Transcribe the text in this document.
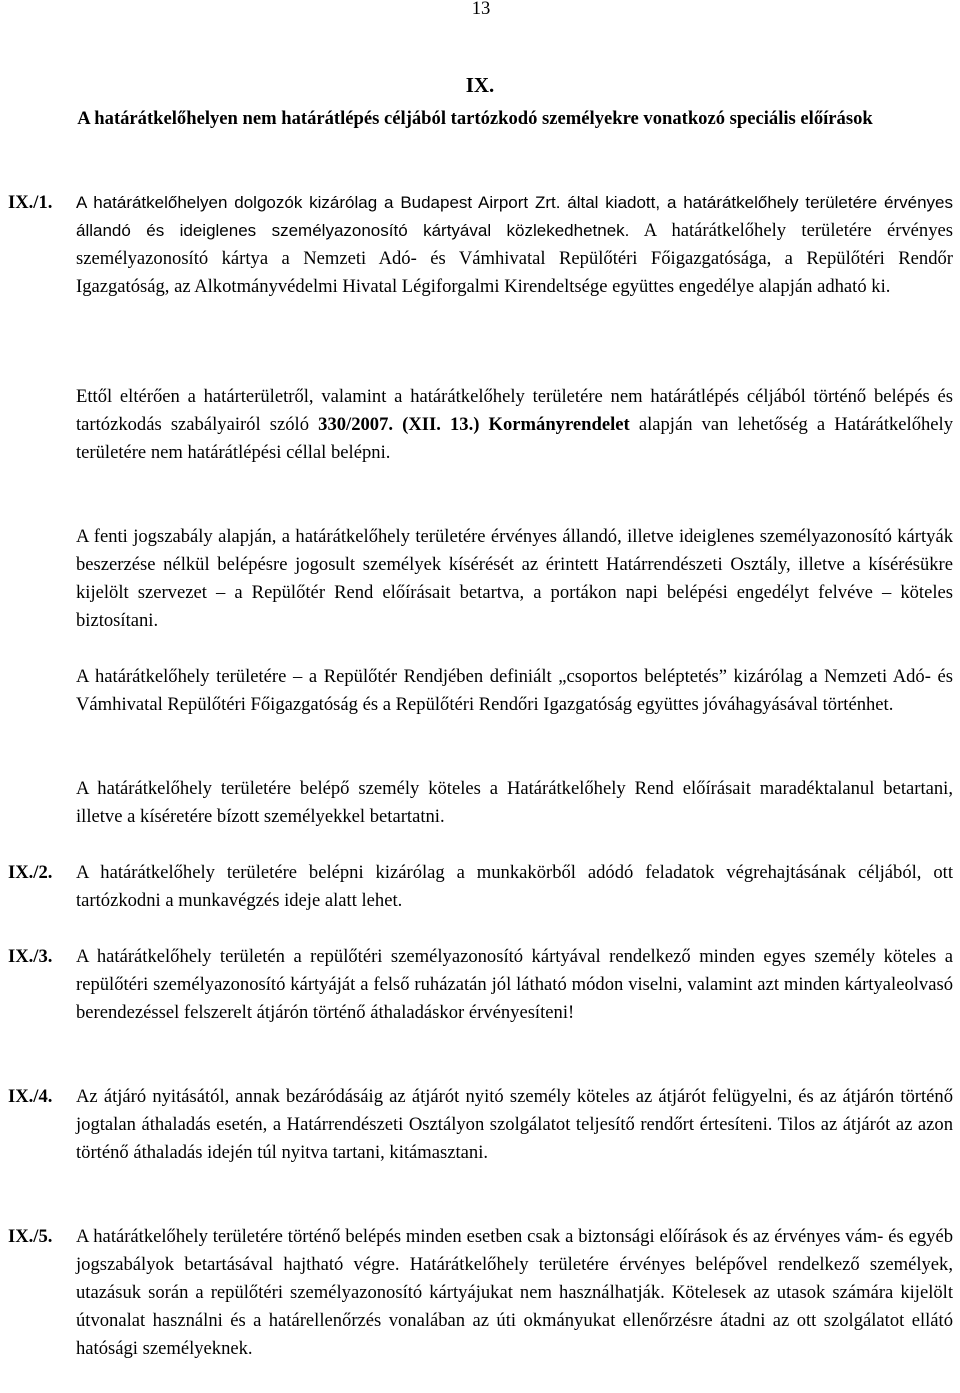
13
IX.
A határátkelőhelyen nem határátlépés céljából tartózkodó személyekre vonatkozó speciális előírások
IX./1. A határátkelőhelyen dolgozók kizárólag a Budapest Airport Zrt. által kiadott, a határátkelőhely területére érvényes állandó és ideiglenes személyazonosító kártyával közlekedhetnek. A határátkelőhely területére érvényes személyazonosító kártya a Nemzeti Adó- és Vámhivatal Repülőtéri Főigazgatósága, a Repülőtéri Rendőr Igazgatóság, az Alkotmányvédelmi Hivatal Légiforgalmi Kirendeltsége együttes engedélye alapján adható ki.

Ettől eltérően a határterületről, valamint a határátkelőhely területére nem határátlépés céljából történő belépés és tartózkodás szabályairól szóló 330/2007. (XII. 13.) Kormányrendelet alapján van lehetőség a Határátkelőhely területére nem határátlépési céllal belépni.

A fenti jogszabály alapján, a határátkelőhely területére érvényes állandó, illetve ideiglenes személyazonosító kártyák beszerzése nélkül belépésre jogosult személyek kísérését az érintett Határrendészeti Osztály, illetve a kísérésükre kijelölt szervezet – a Repülőtér Rend előírásait betartva, a portákon napi belépési engedélyt felvéve – köteles biztosítani.

A határátkelőhely területére – a Repülőtér Rendjében definiált „csoportos beléptetés” kizárólag a Nemzeti Adó- és Vámhivatal Repülőtéri Főigazgatóság és a Repülőtéri Rendőri Igazgatóság együttes jóváhagyásával történhet.

A határátkelőhely területére belépő személy köteles a Határátkelőhely Rend előírásait maradéktalanul betartani, illetve a kíséretére bízott személyekkel betartatni.

IX./2. A határátkelőhely területére belépni kizárólag a munkakörből adódó feladatok végrehajtásának céljából, ott tartózkodni a munkavégzés ideje alatt lehet.

IX./3. A határátkelőhely területén a repülőtéri személyazonosító kártyával rendelkező minden egyes személy köteles a repülőtéri személyazonosító kártyáját a felső ruházatán jól látható módon viselni, valamint azt minden kártyaleolvasó berendezéssel felszerelt átjárón történő áthaladáskor érvényesíteni!

IX./4. Az átjáró nyitásától, annak bezáródásáig az átjárót nyitó személy köteles az átjárót felügyelni, és az átjárón történő jogtalan áthaladás esetén, a Határrendészeti Osztályon szolgálatot teljesítő rendőrt értesíteni. Tilos az átjárót az azon történő áthaladás idején túl nyitva tartani, kitámasztani.

IX./5. A határátkelőhely területére történő belépés minden esetben csak a biztonsági előírások és az érvényes vám- és egyéb jogszabályok betartásával hajtható végre. Határátkelőhely területére érvényes belépővel rendelkező személyek, utazásuk során a repülőtéri személyazonosító kártyájukat nem használhatják. Kötelesek az utasok számára kijelölt útvonalat használni és a határellenőrzés vonalában az úti okmányukat ellenőrzésre átadni az ott szolgálatot ellátó hatósági személyeknek.
